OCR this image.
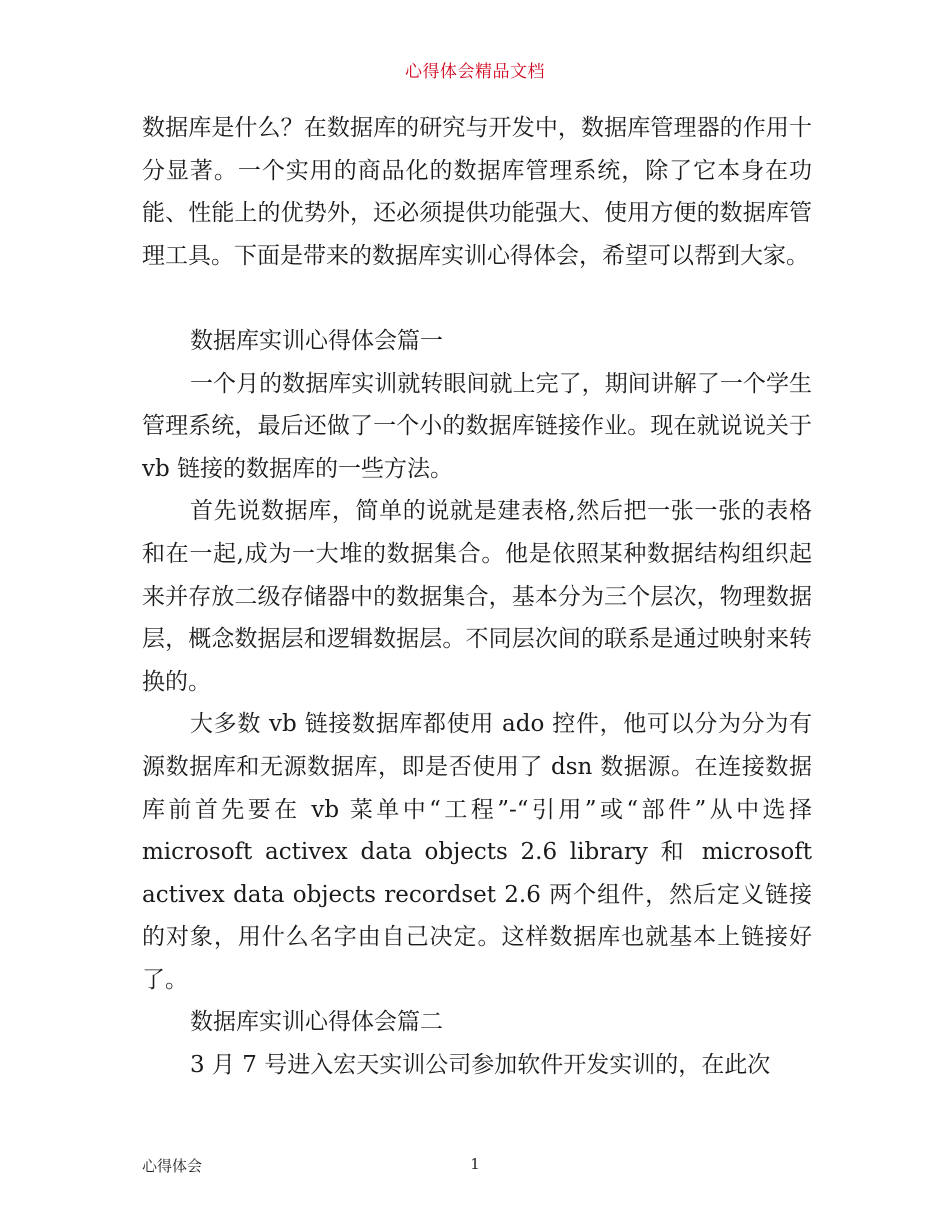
心得体会精品文档

数据库是什么？在数据库的研究与开发中，数据库管理器的作用十分显著。一个实用的商品化的数据库管理系统，除了它本身在功能、性能上的优势外，还必须提供功能强大、使用方便的数据库管理工具。下面是带来的数据库实训心得体会，希望可以帮到大家。

数据库实训心得体会篇一

一个月的数据库实训就转眼间就上完了，期间讲解了一个学生管理系统，最后还做了一个小的数据库链接作业。现在就说说关于 vb 链接的数据库的一些方法。

首先说数据库，简单的说就是建表格,然后把一张一张的表格和在一起,成为一大堆的数据集合。他是依照某种数据结构组织起来并存放二级存储器中的数据集合，基本分为三个层次，物理数据层，概念数据层和逻辑数据层。不同层次间的联系是通过映射来转换的。

大多数 vb 链接数据库都使用 ado 控件，他可以分为分为有源数据库和无源数据库，即是否使用了 dsn 数据源。在连接数据库前首先要在 vb 菜单中“工程”-“引用”或“部件”从中选择 microsoft activex data objects 2.6 library 和 microsoft activex data objects recordset 2.6 两个组件，然后定义链接的对象，用什么名字由自己决定。这样数据库也就基本上链接好了。

数据库实训心得体会篇二

3 月 7 号进入宏天实训公司参加软件开发实训的，在此次

心得体会	1
